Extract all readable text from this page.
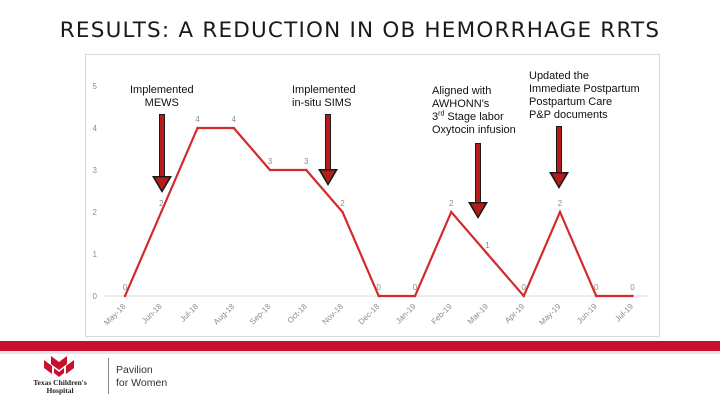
RESULTS: A REDUCTION IN OB HEMORRHAGE RRTS
0
1
2
3
4
5
0
2
4	4
3	3
2
0	0
2
1
0
2
0	0
May-18 Jun-18 Jul-18 Aug-18 Sep-18 Oct-18 Nov-18 Dec-18 Jan-19 Feb-19 Mar-19 Apr-19 May-19 Jun-19 Jul-19
Implemented
MEWS
Implemented
in-situ SIMS
Aligned with
AWHONN's
3rd Stage labor
Oxytocin infusion
Updated the
Immediate Postpartum
Postpartum Care
P&P documents
Texas Children's
Hospital
Pavilion
for Women
